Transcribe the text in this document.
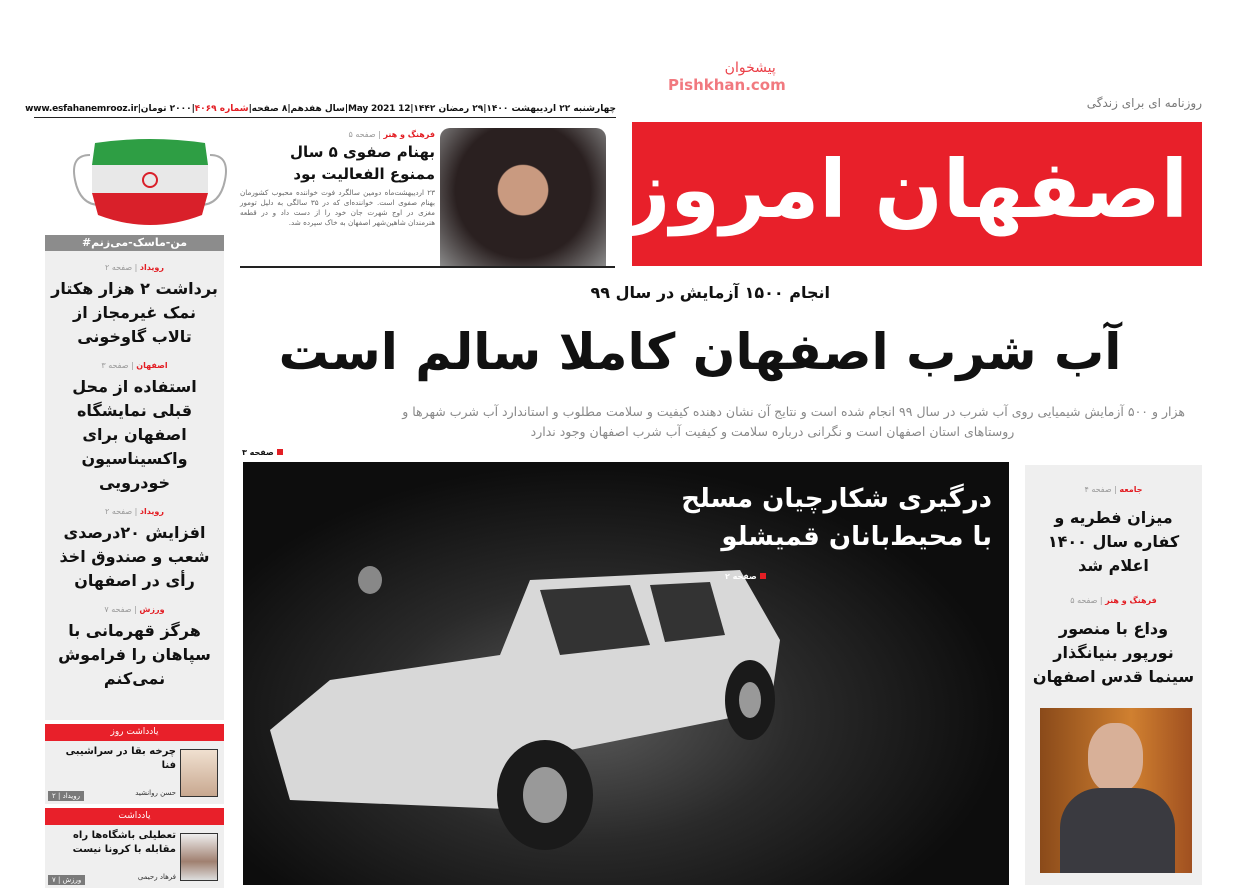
چهارشنبه ۲۲ اردیبهشت ۱۴۰۰
|
۲۹ رمضان ۱۴۴۲
|
12 May 2021
|
سال هفدهم
|
۸ صفحه
|
شماره ۴۰۶۹
|
۲۰۰۰ تومان
|
www.esfahanemrooz.ir	روزنامه ای برای زندگی
اصفهان امروز
پیشخوان
Pishkhan.com
#من-ماسک-می‌زنم
رویداد | صفحه ۲
برداشت ۲ هزار هکتار نمک غیرمجاز از تالاب گاوخونی
اصفهان | صفحه ۳
استفاده از محل قبلی نمایشگاه اصفهان برای واکسیناسیون خودرویی
رویداد | صفحه ۲
افزایش ۲۰درصدی شعب و صندوق اخذ رأی در اصفهان
ورزش | صفحه ۷
هرگز قهرمانی با سپاهان را فراموش نمی‌کنم
یادداشت روز
چرخه بقا در سراشیبی فنا
حسن روانشید
رویداد | ۲
یادداشت
تعطیلی باشگاه‌ها راه مقابله با کرونا نیست
فرهاد رحیمی
ورزش | ۷
فرهنگ و هنر | صفحه ۵
بهنام صفوی ۵ سال ممنوع الفعالیت بود
۲۳ اردیبهشت‌ماه دومین سالگرد فوت خواننده محبوب کشورمان بهنام صفوی است. خواننده‌ای که در ۳۵ سالگی به دلیل تومور مغزی در اوج شهرت جان خود را از دست داد و در قطعه هنرمندان شاهین‌شهر اصفهان به خاک سپرده شد.
انجام ۱۵۰۰ آزمایش در سال ۹۹
آب شرب اصفهان کاملا سالم است
هزار و ۵۰۰ آزمایش شیمیایی روی آب شرب در سال ۹۹ انجام شده است و نتایج آن نشان دهنده کیفیت و سلامت مطلوب و استاندارد آب شرب شهرها و
روستاهای استان اصفهان است و نگرانی درباره سلامت و کیفیت آب شرب اصفهان وجود ندارد
صفحه ۳
درگیری شکارچیان مسلح
با محیط‌بانان قمیشلو
صفحه ۲
جامعه | صفحه ۴
میزان فطریه و کفاره سال ۱۴۰۰ اعلام شد
فرهنگ و هنر | صفحه ۵
وداع با منصور نورپور بنیانگذار سینما قدس اصفهان
